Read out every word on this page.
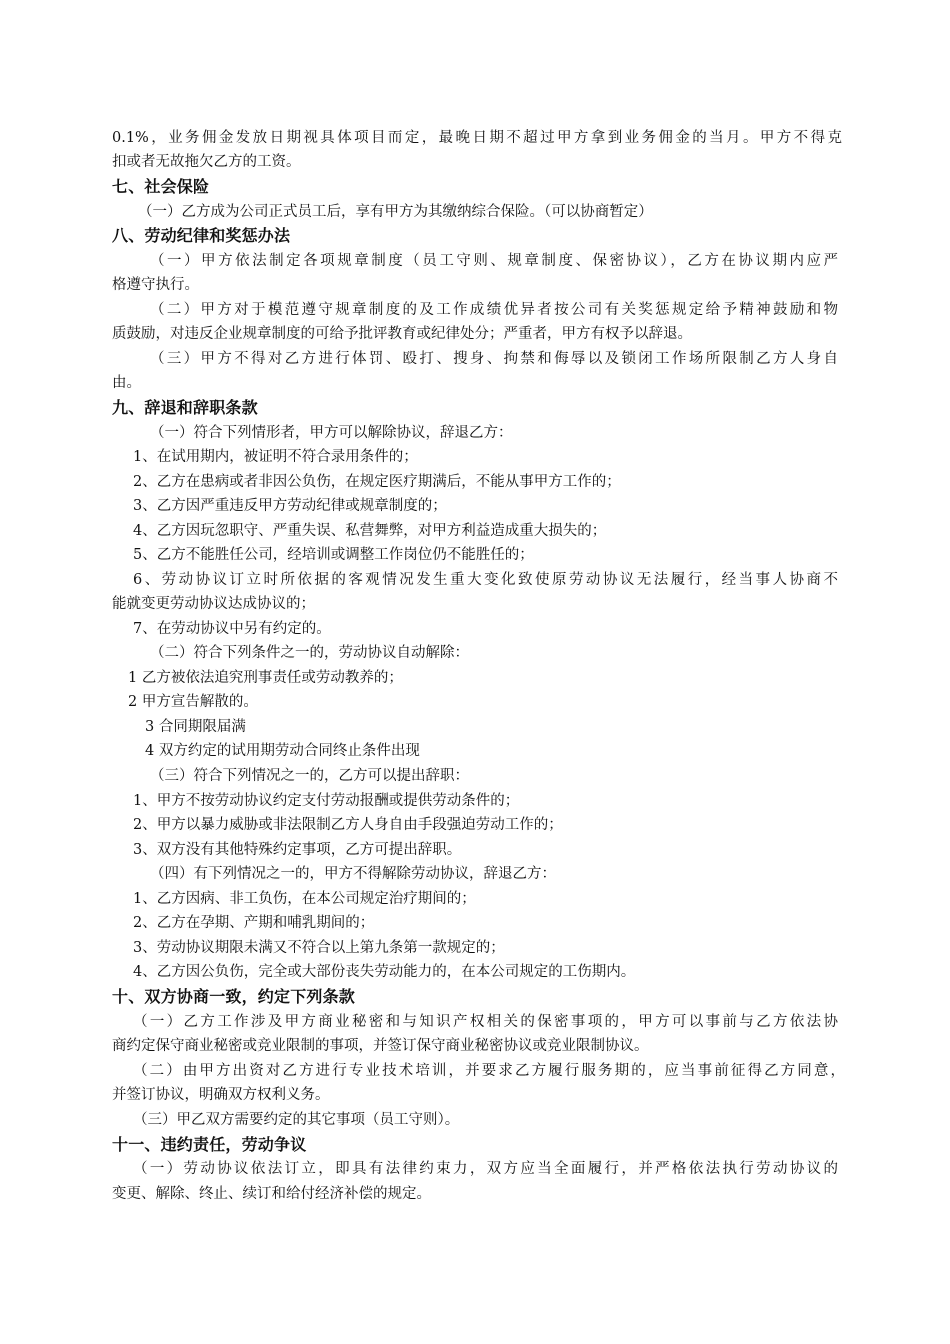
0.1%，业务佣金发放日期视具体项目而定，最晚日期不超过甲方拿到业务佣金的当月。甲方不得克
扣或者无故拖欠乙方的工资。
七、社会保险
（一）乙方成为公司正式员工后，享有甲方为其缴纳综合保险。（可以协商暂定）
八、劳动纪律和奖惩办法
（一）甲方依法制定各项规章制度（员工守则、规章制度、保密协议），乙方在协议期内应严
格遵守执行。
（二）甲方对于模范遵守规章制度的及工作成绩优异者按公司有关奖惩规定给予精神鼓励和物
质鼓励，对违反企业规章制度的可给予批评教育或纪律处分；严重者，甲方有权予以辞退。
（三）甲方不得对乙方进行体罚、殴打、搜身、拘禁和侮辱以及锁闭工作场所限制乙方人身自
由。
九、辞退和辞职条款
（一）符合下列情形者，甲方可以解除协议，辞退乙方：
1、在试用期内，被证明不符合录用条件的；
2、乙方在患病或者非因公负伤，在规定医疗期满后，不能从事甲方工作的；
3、乙方因严重违反甲方劳动纪律或规章制度的；
4、乙方因玩忽职守、严重失误、私营舞弊，对甲方利益造成重大损失的；
5、乙方不能胜任公司，经培训或调整工作岗位仍不能胜任的；
6、劳动协议订立时所依据的客观情况发生重大变化致使原劳动协议无法履行，经当事人协商不
能就变更劳动协议达成协议的；
7、在劳动协议中另有约定的。
（二）符合下列条件之一的，劳动协议自动解除：
1 乙方被依法追究刑事责任或劳动教养的；
2 甲方宣告解散的。
3 合同期限届满
4 双方约定的试用期劳动合同终止条件出现
（三）符合下列情况之一的，乙方可以提出辞职：
1、甲方不按劳动协议约定支付劳动报酬或提供劳动条件的；
2、甲方以暴力威胁或非法限制乙方人身自由手段强迫劳动工作的；
3、双方没有其他特殊约定事项，乙方可提出辞职。
（四）有下列情况之一的，甲方不得解除劳动协议，辞退乙方：
1、乙方因病、非工负伤，在本公司规定治疗期间的；
2、乙方在孕期、产期和哺乳期间的；
3、劳动协议期限未满又不符合以上第九条第一款规定的；
4、乙方因公负伤，完全或大部份丧失劳动能力的，在本公司规定的工伤期内。
十、双方协商一致，约定下列条款
（一）乙方工作涉及甲方商业秘密和与知识产权相关的保密事项的，甲方可以事前与乙方依法协
商约定保守商业秘密或竞业限制的事项，并签订保守商业秘密协议或竞业限制协议。
（二）由甲方出资对乙方进行专业技术培训，并要求乙方履行服务期的，应当事前征得乙方同意，
并签订协议，明确双方权利义务。
（三）甲乙双方需要约定的其它事项（员工守则）。
十一、违约责任，劳动争议
（一）劳动协议依法订立，即具有法律约束力，双方应当全面履行，并严格依法执行劳动协议的
变更、解除、终止、续订和给付经济补偿的规定。
